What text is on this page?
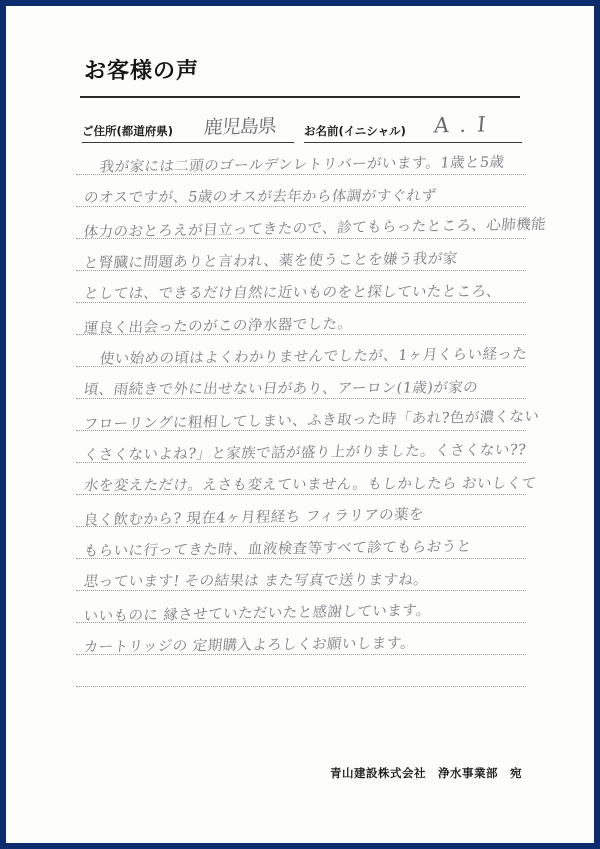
お客様の声
ご住所(都道府県) 鹿児島県 お名前(イニシャル) A . I
我が家には二頭のゴールデンレトリバーがいます。1歳と5歳
のオスですが、5歳のオスが去年から体調がすぐれず
体力のおとろえが目立ってきたので、診てもらったところ、心肺機能
と腎臓に問題ありと言われ、薬を使うことを嫌う我が家
としては、できるだけ自然に近いものをと探していたところ、
運良く出会ったのがこの浄水器でした。
使い始めの頃はよくわかりませんでしたが、1ヶ月くらい経った
頃、雨続きで外に出せない日があり、アーロン(1歳)が家の
フローリングに粗相してしまい、ふき取った時「あれ?色が濃くない
くさくないよね?」と家族で話が盛り上がりました。くさくない??
水を変えただけ。えさも変えていません。もしかしたら おいしくて
良く飲むから? 現在4ヶ月程経ち フィラリアの薬を
もらいに行ってきた時、血液検査等すべて診てもらおうと
思っています! その結果は また写真で送りますね。
いいものに 縁させていただいたと感謝しています。
カートリッジの 定期購入よろしくお願いします。
青山建設株式会社　浄水事業部　宛
